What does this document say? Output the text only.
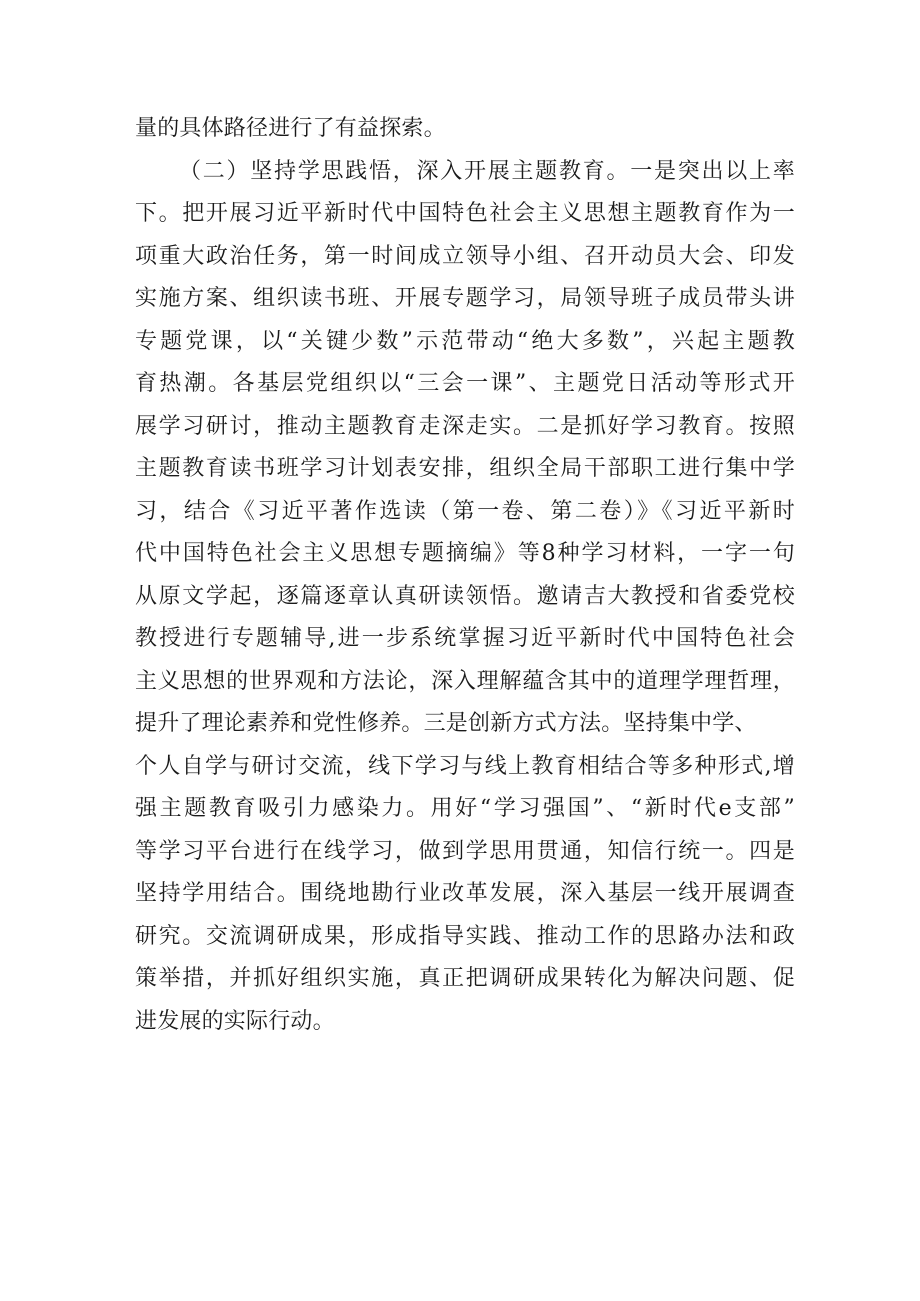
量的具体路径进行了有益探索。
（二）坚持学思践悟，深入开展主题教育。一是突出以上率
下。把开展习近平新时代中国特色社会主义思想主题教育作为一
项重大政治任务，第一时间成立领导小组、召开动员大会、印发
实施方案、组织读书班、开展专题学习，局领导班子成员带头讲
专题党课，以“关键少数”示范带动“绝大多数”，兴起主题教
育热潮。各基层党组织以“三会一课”、主题党日活动等形式开
展学习研讨，推动主题教育走深走实。二是抓好学习教育。按照
主题教育读书班学习计划表安排，组织全局干部职工进行集中学
习，结合《习近平著作选读（第一卷、第二卷）》《习近平新时
代中国特色社会主义思想专题摘编》等8种学习材料，一字一句
从原文学起，逐篇逐章认真研读领悟。邀请吉大教授和省委党校
教授进行专题辅导,进一步系统掌握习近平新时代中国特色社会
主义思想的世界观和方法论，深入理解蕴含其中的道理学理哲理，
提升了理论素养和党性修养。三是创新方式方法。坚持集中学、
个人自学与研讨交流，线下学习与线上教育相结合等多种形式,增
强主题教育吸引力感染力。用好“学习强国”、“新时代e支部”
等学习平台进行在线学习，做到学思用贯通，知信行统一。四是
坚持学用结合。围绕地勘行业改革发展，深入基层一线开展调查
研究。交流调研成果，形成指导实践、推动工作的思路办法和政
策举措，并抓好组织实施，真正把调研成果转化为解决问题、促
进发展的实际行动。
